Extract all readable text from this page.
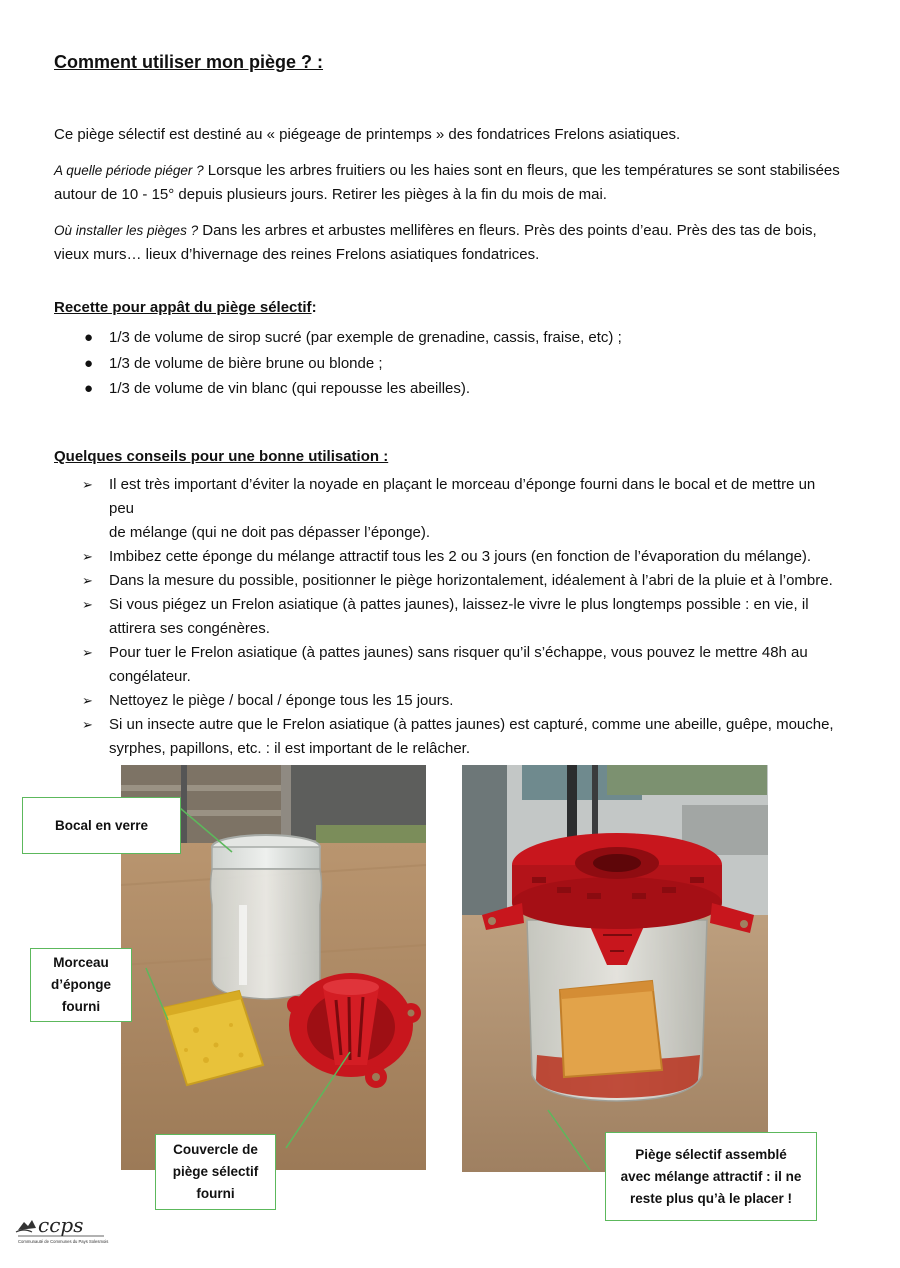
Comment utiliser mon piège ? :
Ce piège sélectif est destiné au « piégeage de printemps » des fondatrices Frelons asiatiques.
A quelle période piéger ? Lorsque les arbres fruitiers ou les haies sont en fleurs, que les températures se sont stabilisées
autour de 10 - 15° depuis plusieurs jours. Retirer les pièges à la fin du mois de mai.
Où installer les pièges ? Dans les arbres et arbustes mellifères en fleurs. Près des points d’eau. Près des tas de bois,
vieux murs… lieux d’hivernage des reines Frelons asiatiques fondatrices.
Recette pour appât du piège sélectif:
● 1/3 de volume de sirop sucré (par exemple de grenadine, cassis, fraise, etc) ;
● 1/3 de volume de bière brune ou blonde ;
● 1/3 de volume de vin blanc (qui repousse les abeilles).
Quelques conseils pour une bonne utilisation :
➢ Il est très important d’éviter la noyade en plaçant le morceau d’éponge fourni dans le bocal et de mettre un peu
de mélange (qui ne doit pas dépasser l’éponge).
➢ Imbibez cette éponge du mélange attractif tous les 2 ou 3 jours (en fonction de l’évaporation du mélange).
➢ Dans la mesure du possible, positionner le piège horizontalement, idéalement à l’abri de la pluie et à l’ombre.
➢ Si vous piégez un Frelon asiatique (à pattes jaunes), laissez-le vivre le plus longtemps possible : en vie, il
attirera ses congénères.
➢ Pour tuer le Frelon asiatique (à pattes jaunes) sans risquer qu’il s’échappe, vous pouvez le mettre 48h au
congélateur.
➢ Nettoyez le piège / bocal / éponge tous les 15 jours.
➢ Si un insecte autre que le Frelon asiatique (à pattes jaunes) est capturé, comme une abeille, guêpe, mouche,
syrphes, papillons, etc. : il est important de le relâcher.
Bocal en verre
Morceau
d’éponge
fourni
Couvercle de
piège sélectif
fourni
Piège sélectif assemblé
avec mélange attractif : il ne
reste plus qu’à le placer !
ccps
Communauté de Communes du Pays Solesmois
